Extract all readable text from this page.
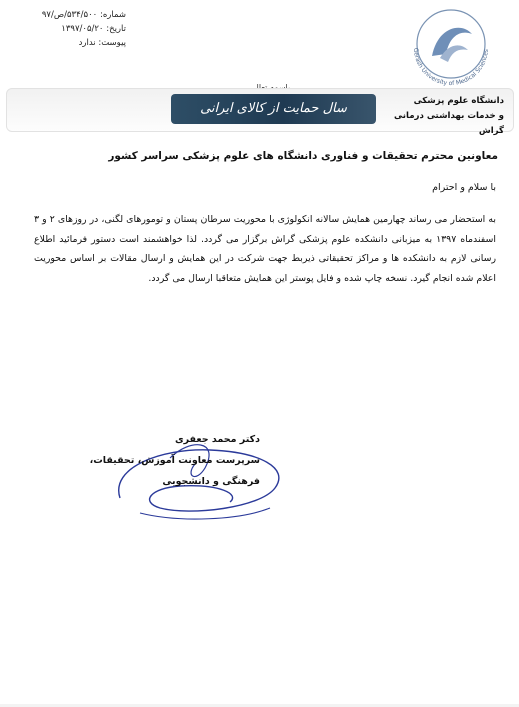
شماره: ۵۳۴/۵۰۰/ص/۹۷
تاریخ: ۱۳۹۷/۰۵/۲۰
پیوست: ندارد
Gerash University of Medical Sciences
سال حمایت از کالای ایرانی	دانشگاه علوم پزشکی
و خدمات بهداشتی درمانی گراش
معاونین محترم تحقیقات و فناوری دانشگاه های علوم پزشکی سراسر کشور
با سلام و احترام
به استحضار می رساند چهارمین همایش سالانه انکولوژی با محوریت سرطان پستان و تومورهای لگنی، در روزهای ۲ و ۳ اسفندماه ۱۳۹۷ به میزبانی دانشکده علوم پزشکی گراش برگزار می گردد. لذا خواهشمند است دستور فرمائید اطلاع رسانی لازم به دانشکده ها و مراکز تحقیقاتی ذیربط جهت شرکت در این همایش و ارسال مقالات بر اساس محوریت اعلام شده انجام گیرد. نسخه چاپ شده و فایل پوستر این همایش متعاقبا ارسال می گردد.
دکتر محمد جعفری
سرپرست معاونت آموزش، تحقیقات،
فرهنگی و دانشجویی
